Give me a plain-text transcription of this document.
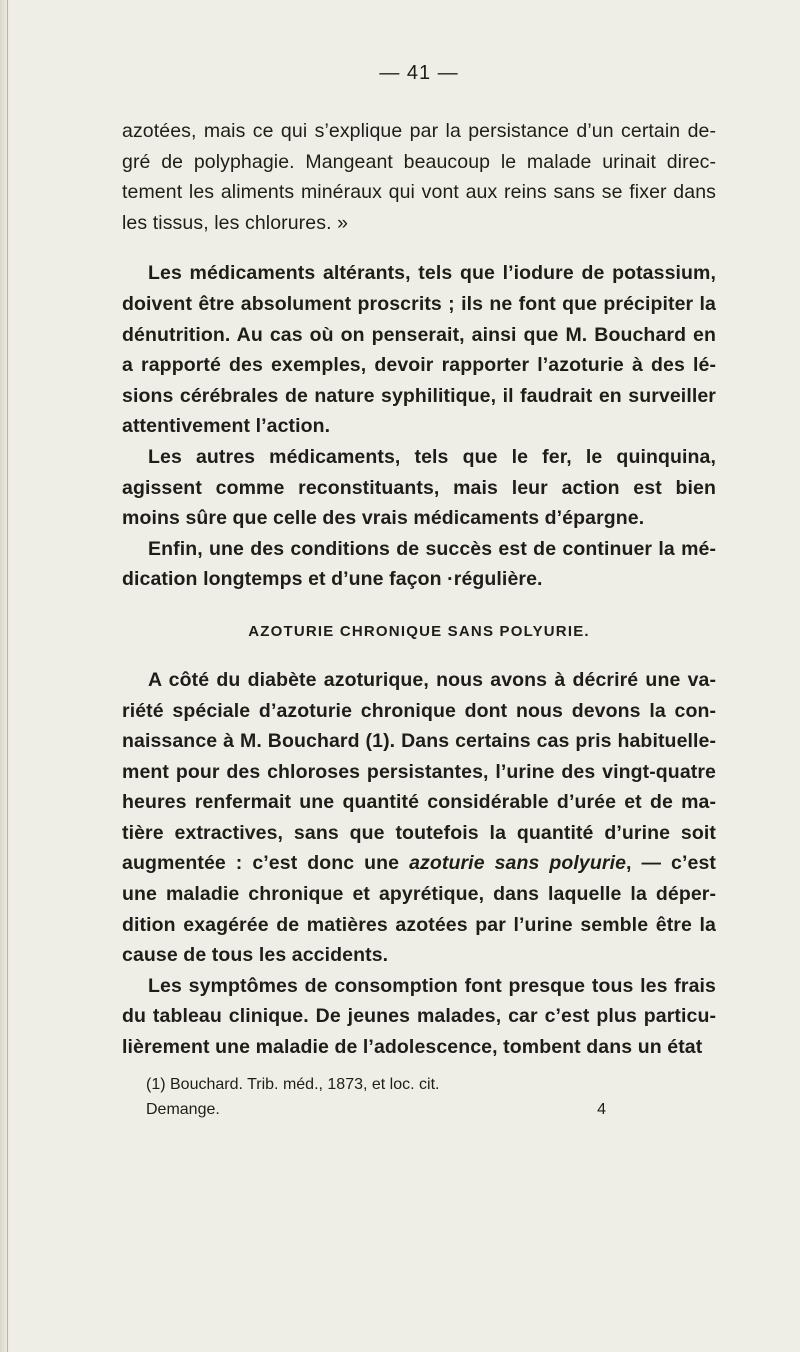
— 41 —

azotées, mais ce qui s’explique par la persistance d’un certain degré de polyphagie. Mangeant beaucoup le malade urinait directement les aliments minéraux qui vont aux reins sans se fixer dans les tissus, les chlorures. »

Les médicaments altérants, tels que l’iodure de potassium, doivent être absolument proscrits ; ils ne font que précipiter la dénutrition. Au cas où on penserait, ainsi que M. Bouchard en a rapporté des exemples, devoir rapporter l’azoturie à des lésions cérébrales de nature syphilitique, il faudrait en surveiller attentivement l’action.

Les autres médicaments, tels que le fer, le quinquina, agissent comme reconstituants, mais leur action est bien moins sûre que celle des vrais médicaments d’épargne.

Enfin, une des conditions de succès est de continuer la médication longtemps et d’une façon ·régulière.

AZOTURIE CHRONIQUE SANS POLYURIE.

A côté du diabète azoturique, nous avons à décriré une variété spéciale d’azoturie chronique dont nous devons la connaissance à M. Bouchard (1). Dans certains cas pris habituellement pour des chloroses persistantes, l’urine des vingt-quatre heures renfermait une quantité considérable d’urée et de matière extractives, sans que toutefois la quantité d’urine soit augmentée : c’est donc une azoturie sans polyurie, — c’est une maladie chronique et apyrétique, dans laquelle la déperdition exagérée de matières azotées par l’urine semble être la cause de tous les accidents.

Les symptômes de consomption font presque tous les frais du tableau clinique. De jeunes malades, car c’est plus particulièrement une maladie de l’adolescence, tombent dans un état

(1) Bouchard. Trib. méd., 1873, et loc. cit.
Demange.	4
